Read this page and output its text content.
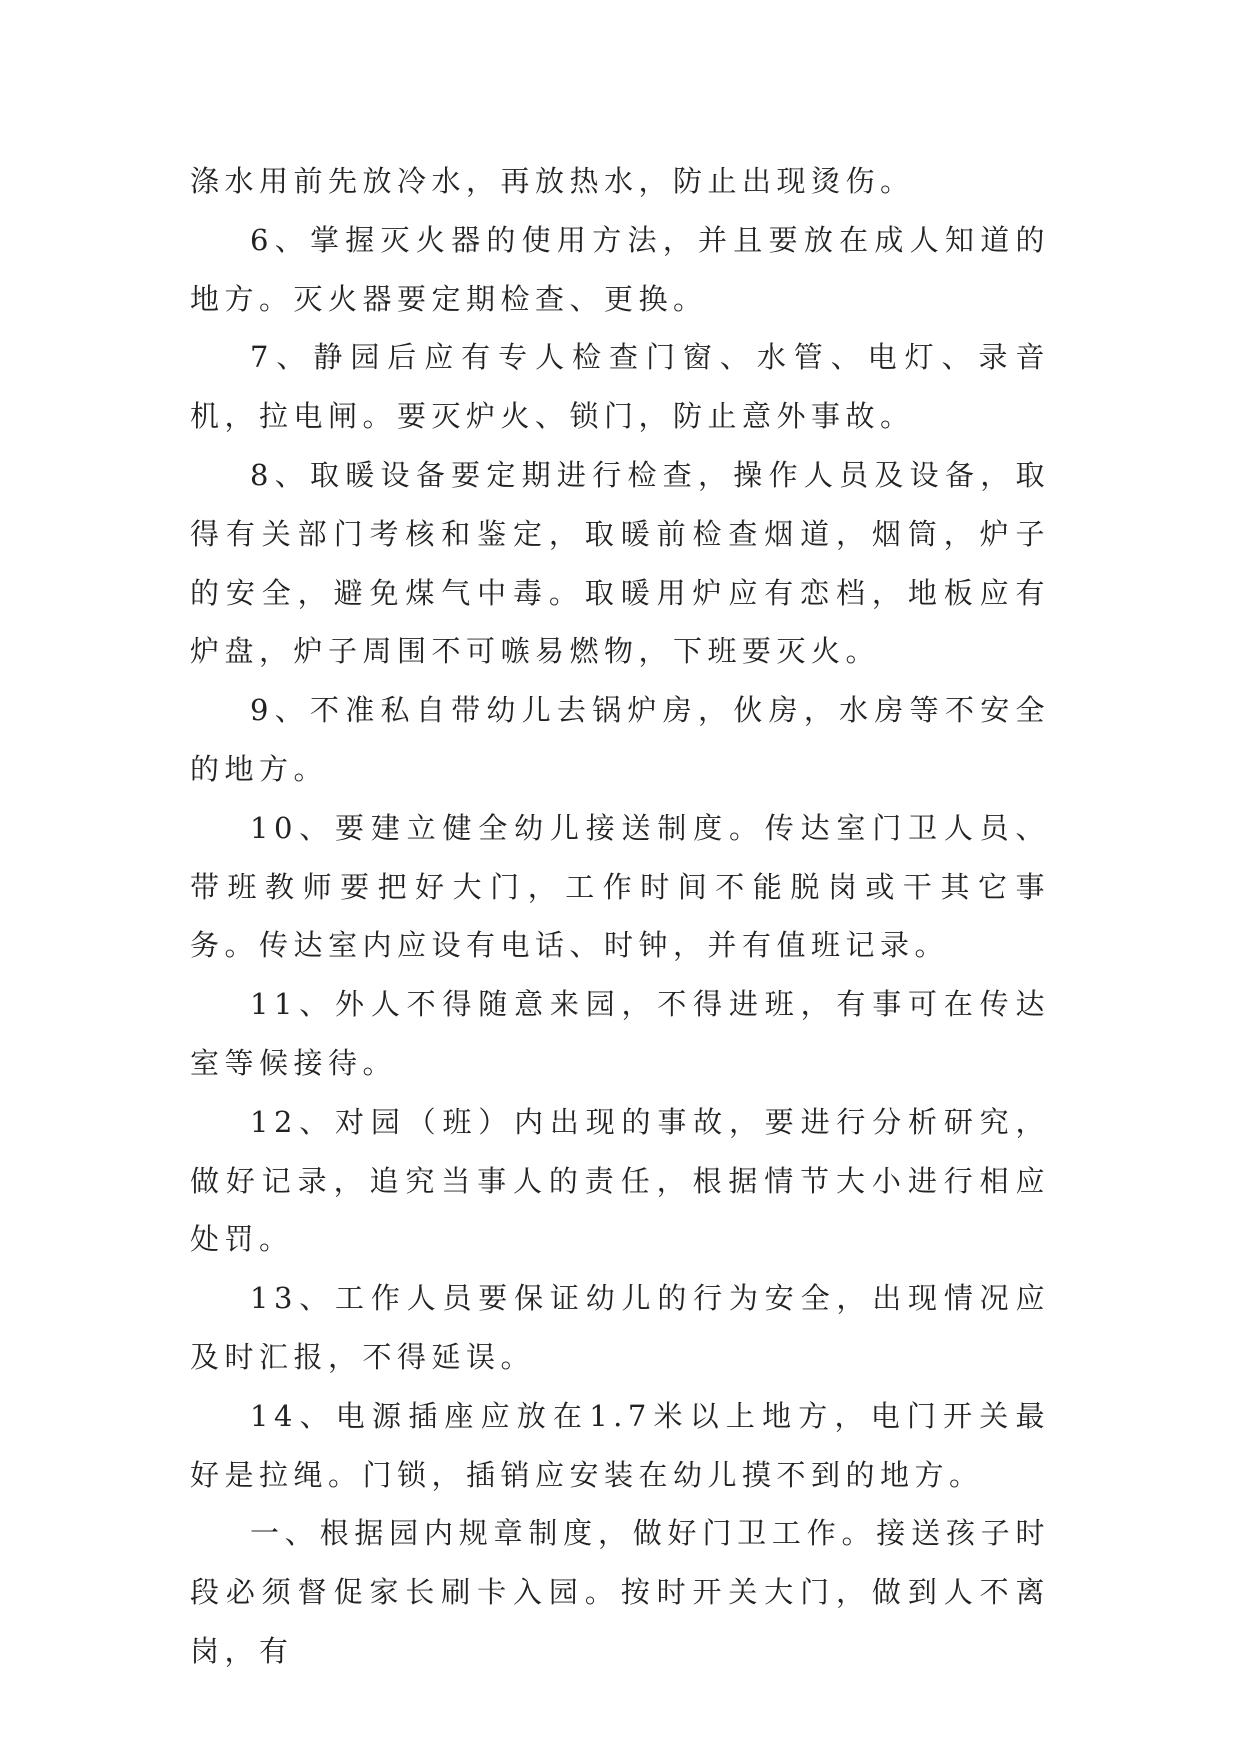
涤水用前先放冷水，再放热水，防止出现烫伤。

6、掌握灭火器的使用方法，并且要放在成人知道的地方。灭火器要定期检查、更换。

7、静园后应有专人检查门窗、水管、电灯、录音机，拉电闸。要灭炉火、锁门，防止意外事故。

8、取暖设备要定期进行检查，操作人员及设备，取得有关部门考核和鉴定，取暖前检查烟道，烟筒，炉子的安全，避免煤气中毒。取暖用炉应有恋档，地板应有炉盘，炉子周围不可嗾易燃物，下班要灭火。

9、不准私自带幼儿去锅炉房，伙房，水房等不安全的地方。

10、要建立健全幼儿接送制度。传达室门卫人员、带班教师要把好大门，工作时间不能脱岗或干其它事务。传达室内应设有电话、时钟，并有值班记录。

11、外人不得随意来园，不得进班，有事可在传达室等候接待。

12、对园（班）内出现的事故，要进行分析研究，做好记录，追究当事人的责任，根据情节大小进行相应处罚。

13、工作人员要保证幼儿的行为安全，出现情况应及时汇报，不得延误。

14、电源插座应放在1.7米以上地方，电门开关最好是拉绳。门锁，插销应安装在幼儿摸不到的地方。

一、根据园内规章制度，做好门卫工作。接送孩子时段必须督促家长刷卡入园。按时开关大门，做到人不离岗，有
